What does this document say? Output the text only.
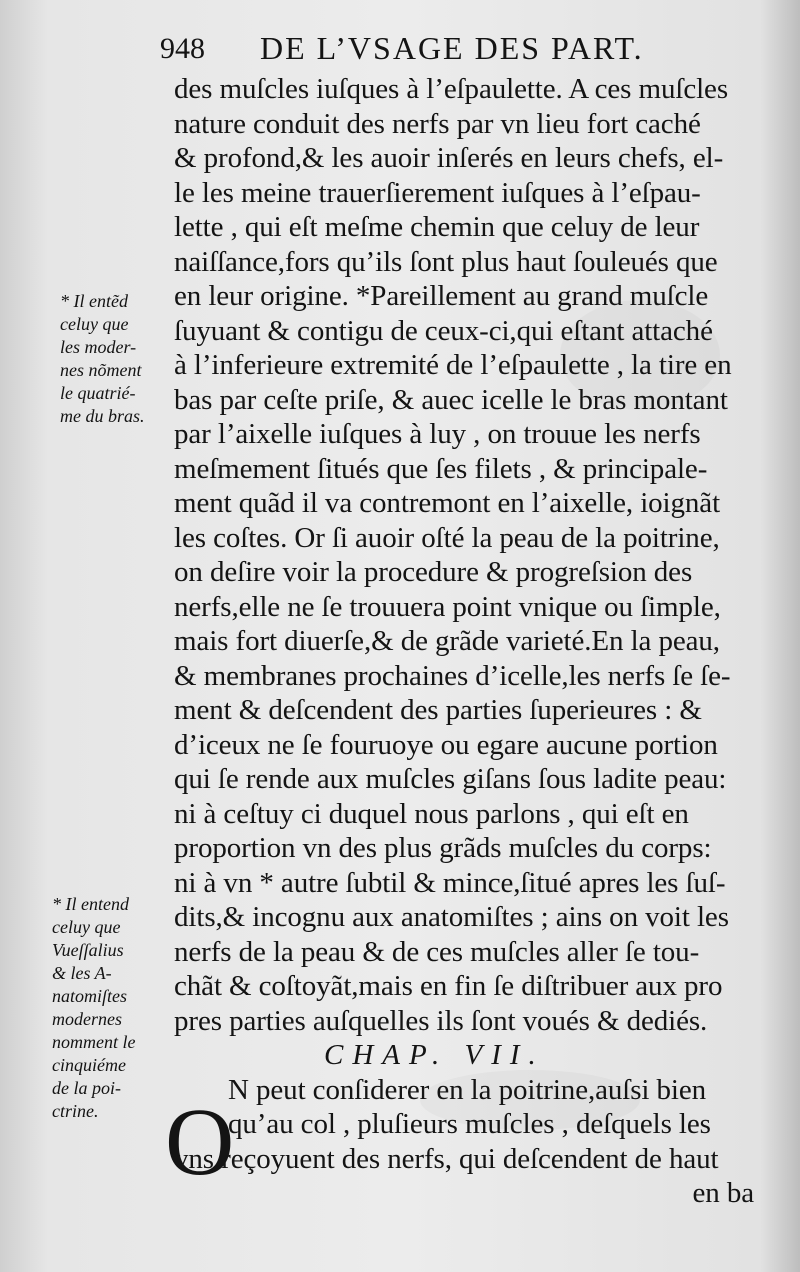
948 DE L’VSAGE DES PART.
* Il entẽd
celuy que
les moder-
nes nõment
le quatrié-
me du bras.
* Il entend
celuy que
Vueſſalius
& les A-
natomiſtes
modernes
nomment le
cinquiéme
de la poi-
ctrine.
des muſcles iuſques à l’eſpaulette. A ces muſcles
nature conduit des nerfs par vn lieu fort caché
& profond,& les auoir inſerés en leurs chefs, el-
le les meine trauerſierement iuſques à l’eſpau-
lette , qui eſt meſme chemin que celuy de leur
naiſſance,fors qu’ils ſont plus haut ſouleués que
en leur origine. *Pareillement au grand muſcle
ſuyuant & contigu de ceux-ci,qui eſtant attaché
à l’inferieure extremité de l’eſpaulette , la tire en
bas par ceſte priſe, & auec icelle le bras montant
par l’aixelle iuſques à luy , on trouue les nerfs
meſmement ſitués que ſes filets , & principale-
ment quãd il va contremont en l’aixelle, ioignãt
les coſtes. Or ſi auoir oſté la peau de la poitrine,
on deſire voir la procedure & progreſsion des
nerfs,elle ne ſe trouuera point vnique ou ſimple,
mais fort diuerſe,& de grãde varieté.En la peau,
& membranes prochaines d’icelle,les nerfs ſe ſe-
ment & deſcendent des parties ſuperieures : &
d’iceux ne ſe fouruoye ou egare aucune portion
qui ſe rende aux muſcles giſans ſous ladite peau:
ni à ceſtuy ci duquel nous parlons , qui eſt en
proportion vn des plus grãds muſcles du corps:
ni à vn * autre ſubtil & mince,ſitué apres les ſuſ-
dits,& incognu aux anatomiſtes ; ains on voit les
nerfs de la peau & de ces muſcles aller ſe tou-
chãt & coſtoyãt,mais en fin ſe diſtribuer aux pro
pres parties auſquelles ils ſont voués & dediés.
CHAP. VII.
N peut conſiderer en la poitrine,auſsi bien
qu’au col , pluſieurs muſcles , deſquels les
vns reçoyuent des nerfs, qui deſcendent de haut
en ba
O
